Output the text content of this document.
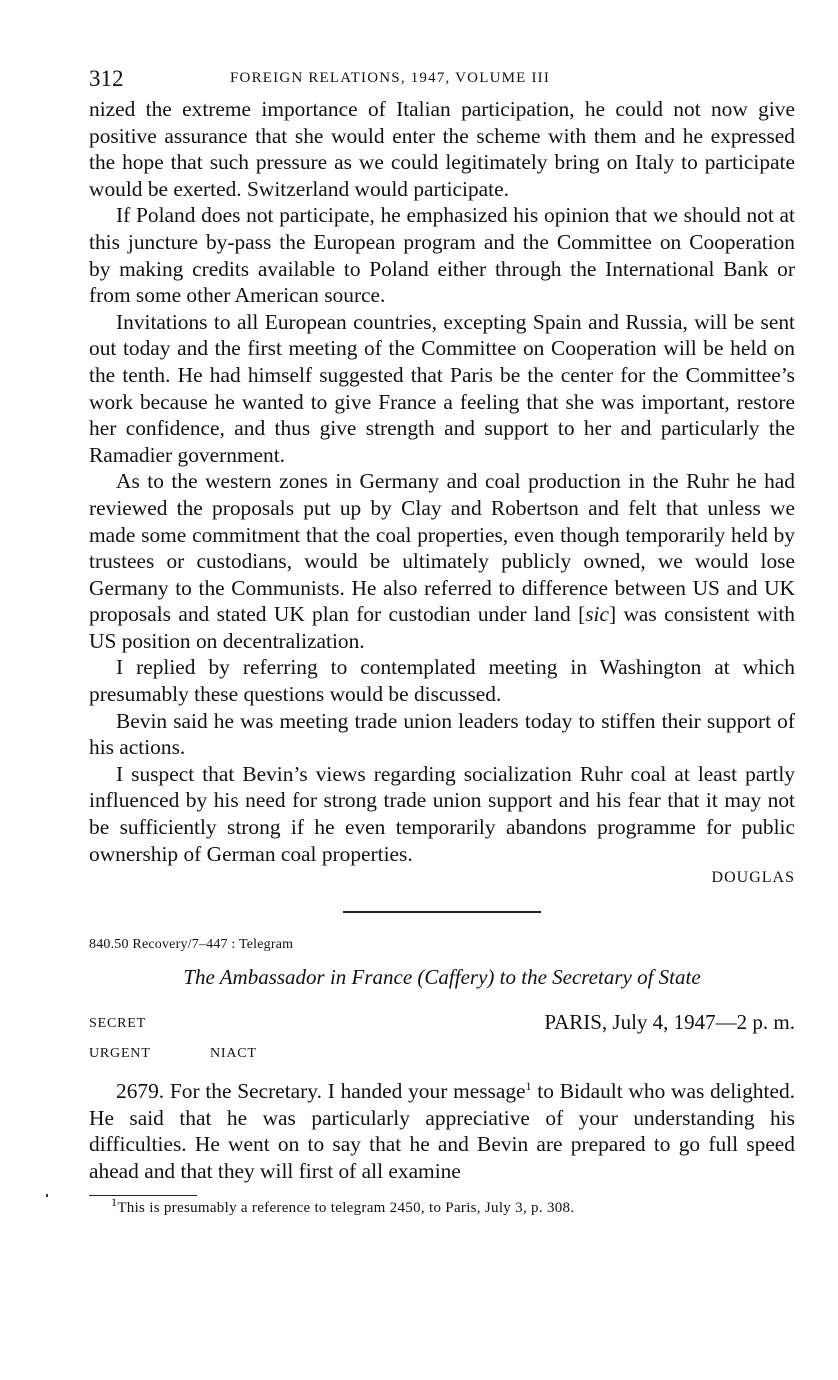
312	FOREIGN RELATIONS, 1947, VOLUME III

nized the extreme importance of Italian participation, he could not now give positive assurance that she would enter the scheme with them and he expressed the hope that such pressure as we could legitimately bring on Italy to participate would be exerted. Switzerland would participate.

If Poland does not participate, he emphasized his opinion that we should not at this juncture by-pass the European program and the Committee on Cooperation by making credits available to Poland either through the International Bank or from some other American source.

Invitations to all European countries, excepting Spain and Russia, will be sent out today and the first meeting of the Committee on Cooperation will be held on the tenth. He had himself suggested that Paris be the center for the Committee’s work because he wanted to give France a feeling that she was important, restore her confidence, and thus give strength and support to her and particularly the Ramadier government.

As to the western zones in Germany and coal production in the Ruhr he had reviewed the proposals put up by Clay and Robertson and felt that unless we made some commitment that the coal properties, even though temporarily held by trustees or custodians, would be ultimately publicly owned, we would lose Germany to the Communists. He also referred to difference between US and UK proposals and stated UK plan for custodian under land [sic] was consistent with US position on decentralization.

I replied by referring to contemplated meeting in Washington at which presumably these questions would be discussed.

Bevin said he was meeting trade union leaders today to stiffen their support of his actions.

I suspect that Bevin’s views regarding socialization Ruhr coal at least partly influenced by his need for strong trade union support and his fear that it may not be sufficiently strong if he even temporarily abandons programme for public ownership of German coal properties.

DOUGLAS
840.50 Recovery/7–447 : Telegram
The Ambassador in France (Caffery) to the Secretary of State
SECRET	PARIS, July 4, 1947—2 p. m.
URGENT	NIACT

2679. For the Secretary. I handed your message$^1$ to Bidault who was delighted. He said that he was particularly appreciative of your understanding his difficulties. He went on to say that he and Bevin are prepared to go full speed ahead and that they will first of all examine

$^1$This is presumably a reference to telegram 2450, to Paris, July 3, p. 308.
